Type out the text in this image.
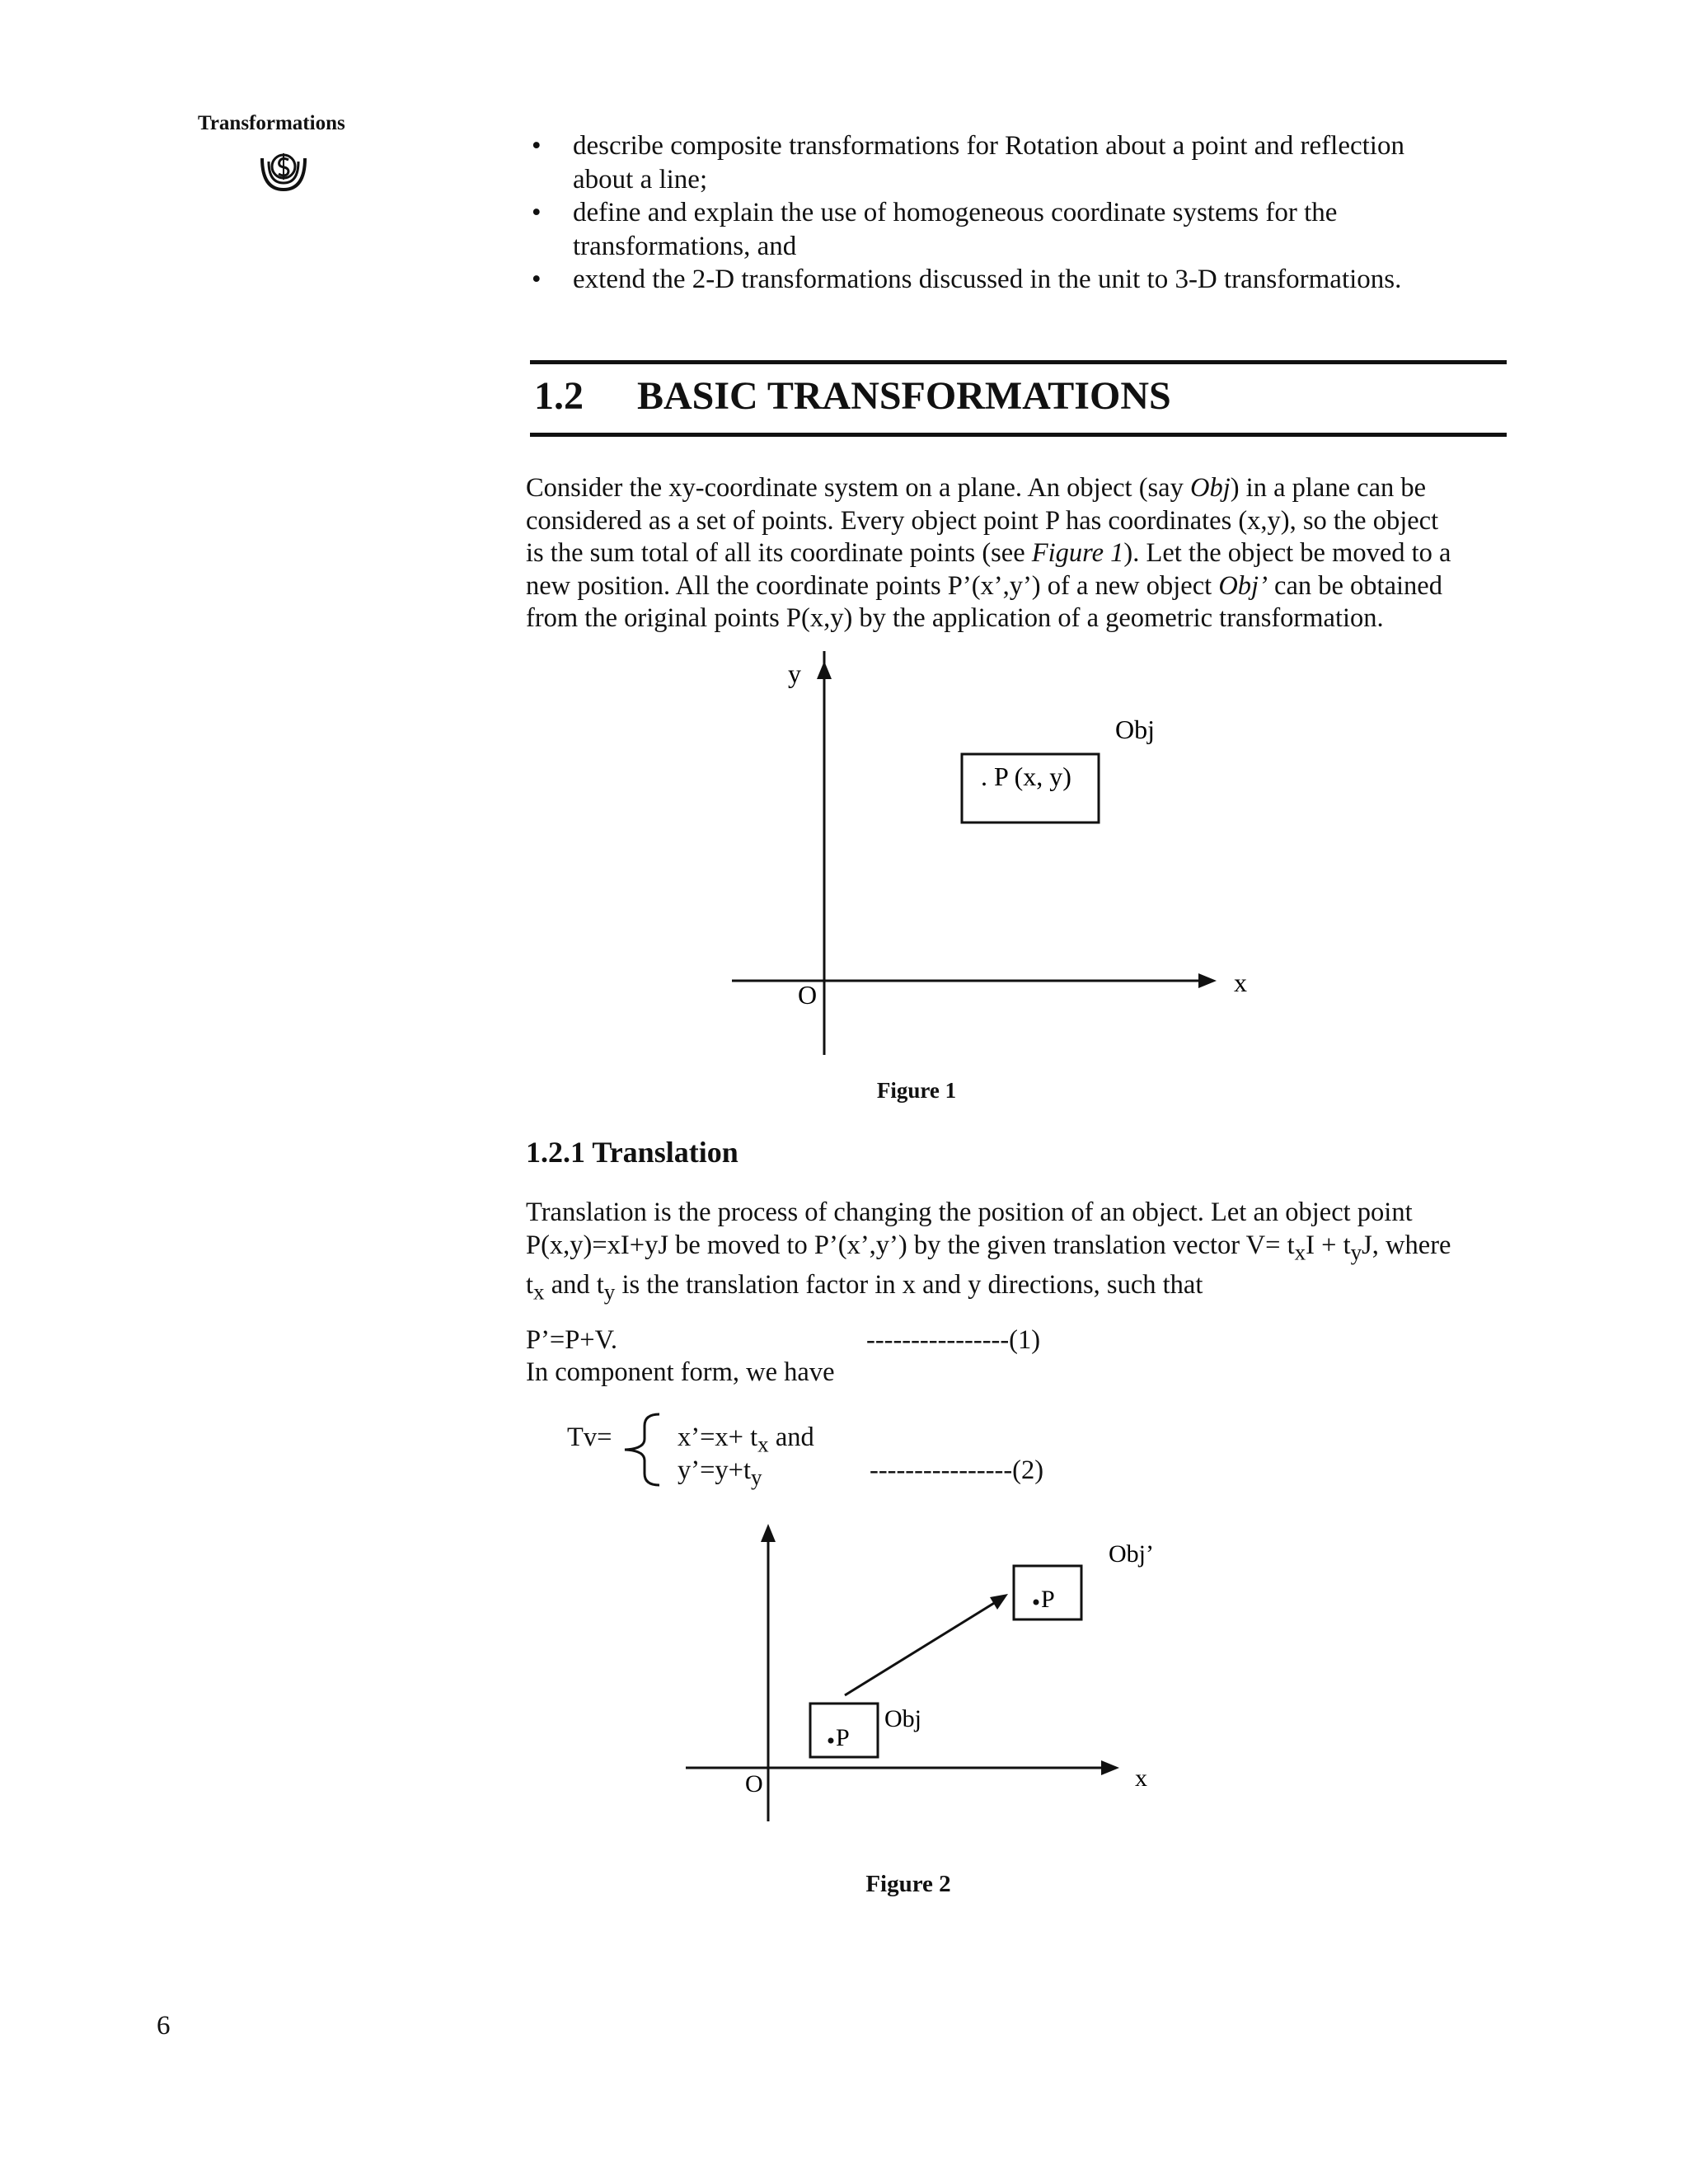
Transformations
• describe composite transformations for Rotation about a point and reflection
about a line;
• define and explain the use of homogeneous coordinate systems for the
transformations, and
• extend the 2-D transformations discussed in the unit to 3-D transformations.
1.2 BASIC TRANSFORMATIONS

Consider the xy-coordinate system on a plane. An object (say Obj) in a plane can be
considered as a set of points. Every object point P has coordinates (x,y), so the object
is the sum total of all its coordinate points (see Figure 1). Let the object be moved to a
new position. All the coordinate points P’(x’,y’) of a new object Obj’ can be obtained
from the original points P(x,y) by the application of a geometric transformation.

y
x
O
Obj
. P (x, y)
Figure 1
1.2.1 Translation

Translation is the process of changing the position of an object. Let an object point
P(x,y)=xI+yJ be moved to P’(x’,y’) by the given translation vector $V= t_xI + t_yJ$, where
$t_x$ and $t_y$ is the translation factor in x and y directions, such that

P’=P+V.	----------------(1)
In component form, we have
Tv= x’=x+ $t_x$ and
$y’=y+t_y$	----------------(2)
P
P
Obj
Obj’
x
O
Figure 2
6
